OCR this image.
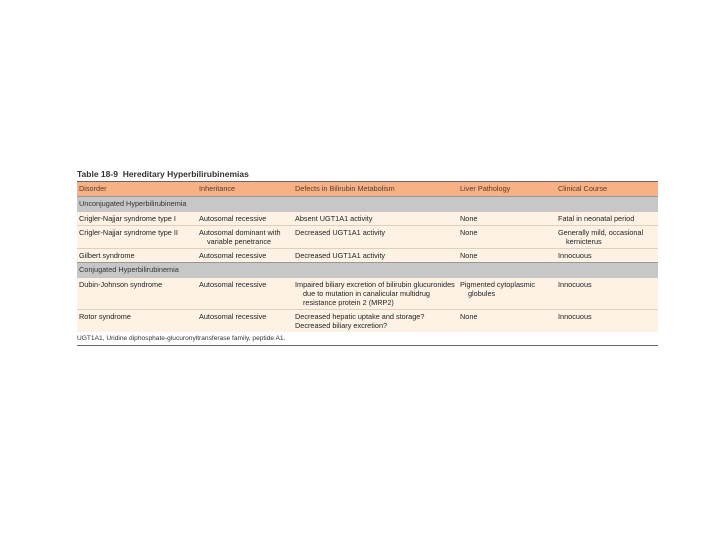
Table 18-9 Hereditary Hyperbilirubinemias
Disorder	Inheritance	Defects in Bilirubin Metabolism	Liver Pathology	Clinical Course
Unconjugated Hyperbilirubinemia				
Crigler-Najjar syndrome type I	Autosomal recessive	Absent UGT1A1 activity	None	Fatal in neonatal period
Crigler-Najjar syndrome type II	Autosomal dominant with variable penetrance	Decreased UGT1A1 activity	None	Generally mild, occasional kernicterus

Gilbert syndrome	Autosomal recessive	Decreased UGT1A1 activity	None	Innocuous
Conjugated Hyperbilirubinemia				
Dubin-Johnson syndrome	Autosomal recessive	Impaired biliary excretion of bilirubin glucuronides due to mutation in canalicular multidrug resistance protein 2 (MRP2)	Pigmented cytoplasmic globules	Innocuous
Rotor syndrome	Autosomal recessive	Decreased hepatic uptake and storage? Decreased biliary excretion?	None	Innocuous
UGT1A1, Uridine diphosphate-glucuronyltransferase family, peptide A1.
